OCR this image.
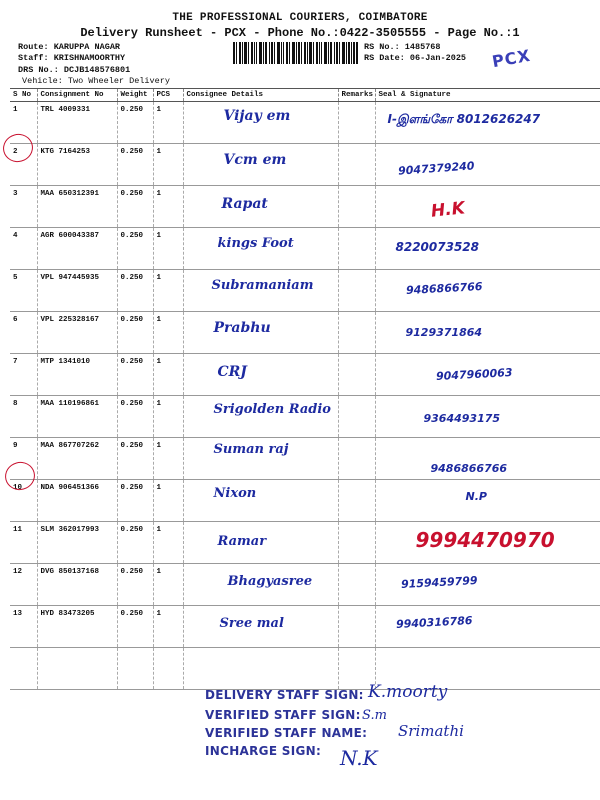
THE PROFESSIONAL COURIERS, COIMBATORE
Delivery Runsheet - PCX - Phone No.:0422-3505555 - Page No.:1
Route: KARUPPA NAGAR
Staff: KRISHNAMOORTHY
DRS No.: DCJB148576801
Vehicle: Two Wheeler Delivery
RS No.: 1485768
RS Date: 06-Jan-2025 PCX
S No	Consignment No	Weight	PCS	Consignee Details	Remarks	Seal & Signature
1	TRL 4009331	0.250	1	Vijay em		I-இளங்கோ 8012626247

2	KTG 7164253	0.250	1	Vcm em		9047379240

3	MAA 650312391	0.250	1	Rapat		H.K

4	AGR 600043387	0.250	1	kings Foot		8220073528

5	VPL 947445935	0.250	1	Subramaniam		9486866766

6	VPL 225328167	0.250	1	Prabhu		9129371864

7	MTP 1341010	0.250	1	CRJ		9047960063

8	MAA 110196861	0.250	1	Srigolden Radio		9364493175

9	MAA 867707262	0.250	1	Suman raj		9486866766

10	NDA 906451366	0.250	1	Nixon		N.P

11	SLM 362017993	0.250	1	Ramar		9994470970

12	DVG 850137168	0.250	1	Bhagyasree		9159459799

13	HYD 83473205	0.250	1	Sree mal		9940316786

DELIVERY STAFF SIGN:
VERIFIED STAFF SIGN:
VERIFIED STAFF NAME:
INCHARGE SIGN:
K.moorty
S.m
Srimathi
N.K
